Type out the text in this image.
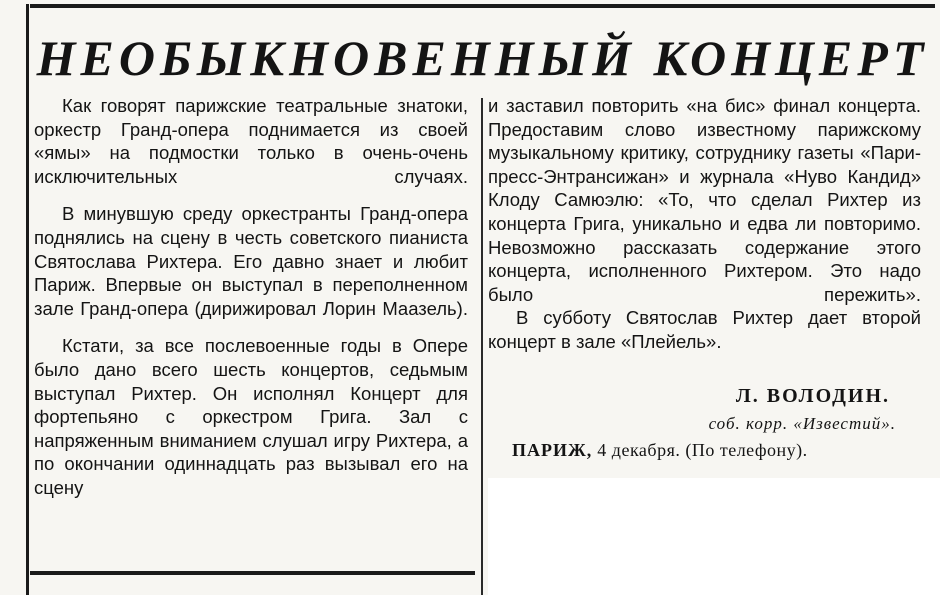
НЕОБЫКНОВЕННЫЙ КОНЦЕРТ

Как говорят парижские театральные знатоки, оркестр Гранд-опера поднимается из своей «ямы» на подмостки только в очень-очень исключительных случаях.

В минувшую среду оркестранты Гранд-опера поднялись на сцену в честь советского пианиста Святослава Рихтера. Его давно знает и любит Париж. Впервые он выступал в переполненном зале Гранд-опера (дирижировал Лорин Маазель).

Кстати, за все послевоенные годы в Опере было дано всего шесть концертов, седьмым выступал Рихтер. Он исполнял Концерт для фортепьяно с оркестром Грига. Зал с напряженным вниманием слушал игру Рихтера, а по окончании одиннадцать раз вызывал его на сцену

и заставил повторить «на бис» финал концерта. Предоставим слово известному парижскому музыкальному критику, сотруднику газеты «Пари-пресс-Энтрансижан» и журнала «Нуво Кандид» Клоду Самюэлю: «То, что сделал Рихтер из концерта Грига, уникально и едва ли повторимо. Невозможно рассказать содержание этого концерта, исполненного Рихтером. Это надо было пережить».

В субботу Святослав Рихтер дает второй концерт в зале «Плейель».

Л. ВОЛОДИН.
соб. корр. «Известий».
ПАРИЖ, 4 декабря. (По телефону).
